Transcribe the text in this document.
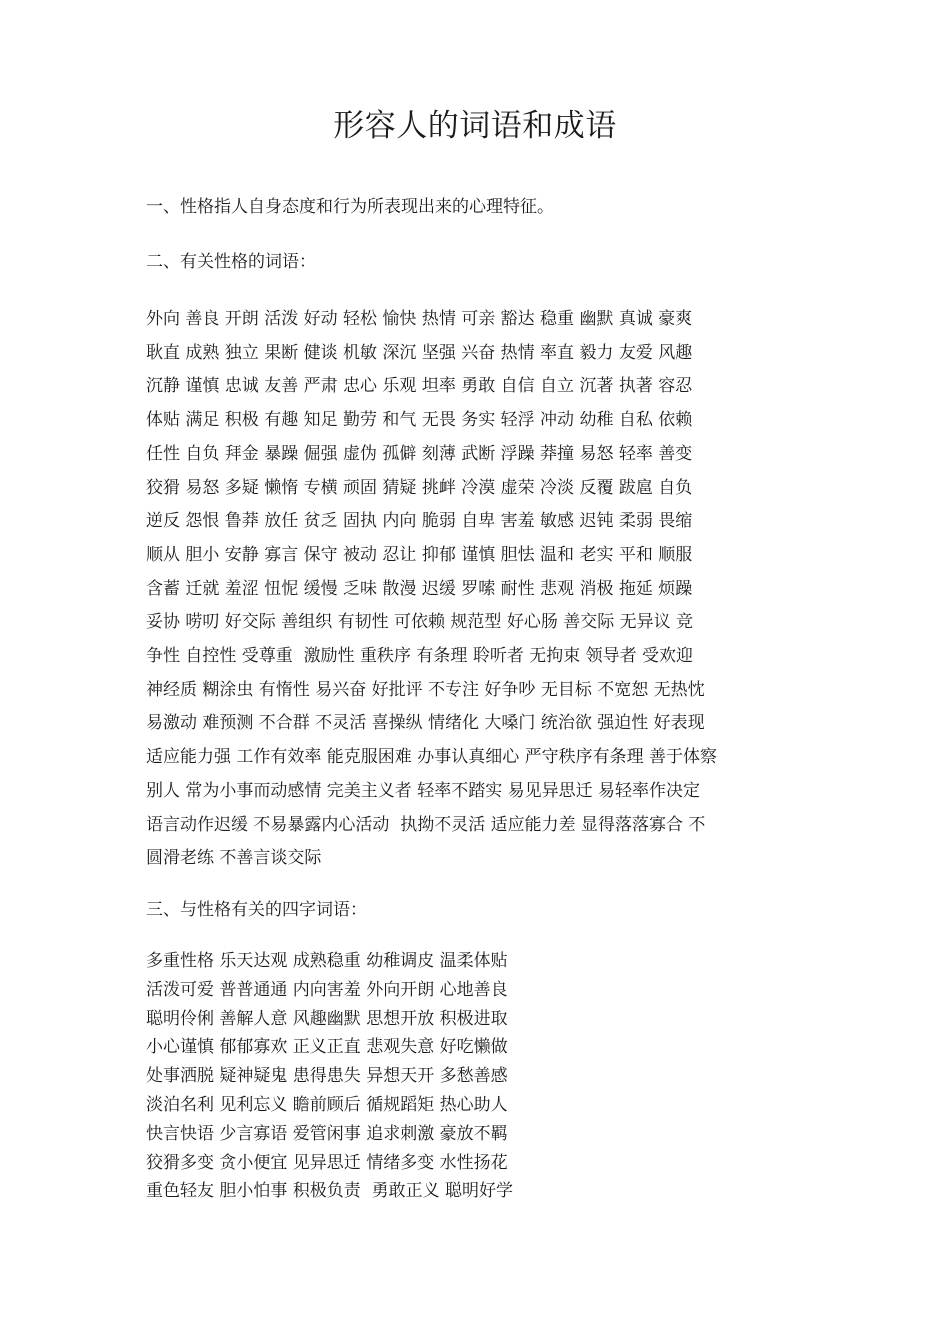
形容人的词语和成语
一、性格指人自身态度和行为所表现出来的心理特征。
二、有关性格的词语：
外向 善良 开朗 活泼 好动 轻松 愉快 热情 可亲 豁达 稳重 幽默 真诚 豪爽
耿直 成熟 独立 果断 健谈 机敏 深沉 坚强 兴奋 热情 率直 毅力 友爱 风趣
沉静 谨慎 忠诚 友善 严肃 忠心 乐观 坦率 勇敢 自信 自立 沉著 执著 容忍
体贴 满足 积极 有趣 知足 勤劳 和气 无畏 务实 轻浮 冲动 幼稚 自私 依赖
任性 自负 拜金 暴躁 倔强 虚伪 孤僻 刻薄 武断 浮躁 莽撞 易怒 轻率 善变
狡猾 易怒 多疑 懒惰 专横 顽固 猜疑 挑衅 冷漠 虚荣 冷淡 反覆 跋扈 自负
逆反 怨恨 鲁莽 放任 贫乏 固执 内向 脆弱 自卑 害羞 敏感 迟钝 柔弱 畏缩
顺从 胆小 安静 寡言 保守 被动 忍让 抑郁 谨慎 胆怯 温和 老实 平和 顺服
含蓄 迁就 羞涩 忸怩 缓慢 乏味 散漫 迟缓 罗嗦 耐性 悲观 消极 拖延 烦躁
妥协 唠叨 好交际 善组织 有韧性 可依赖 规范型 好心肠 善交际 无异议 竞
争性 自控性 受尊重  激励性 重秩序 有条理 聆听者 无拘束 领导者 受欢迎
神经质 糊涂虫 有惰性 易兴奋 好批评 不专注 好争吵 无目标 不宽恕 无热忱
易激动 难预测 不合群 不灵活 喜操纵 情绪化 大嗓门 统治欲 强迫性 好表现
适应能力强 工作有效率 能克服困难 办事认真细心 严守秩序有条理 善于体察
别人 常为小事而动感情 完美主义者 轻率不踏实 易见异思迁 易轻率作决定
语言动作迟缓 不易暴露内心活动  执拗不灵活 适应能力差 显得落落寡合 不
圆滑老练 不善言谈交际
三、与性格有关的四字词语：
多重性格 乐天达观 成熟稳重 幼稚调皮 温柔体贴
活泼可爱 普普通通 内向害羞 外向开朗 心地善良
聪明伶俐 善解人意 风趣幽默 思想开放 积极进取
小心谨慎 郁郁寡欢 正义正直 悲观失意 好吃懒做
处事洒脱 疑神疑鬼 患得患失 异想天开 多愁善感
淡泊名利 见利忘义 瞻前顾后 循规蹈矩 热心助人
快言快语 少言寡语 爱管闲事 追求刺激 豪放不羁
狡猾多变 贪小便宜 见异思迁 情绪多变 水性扬花
重色轻友 胆小怕事 积极负责  勇敢正义 聪明好学
